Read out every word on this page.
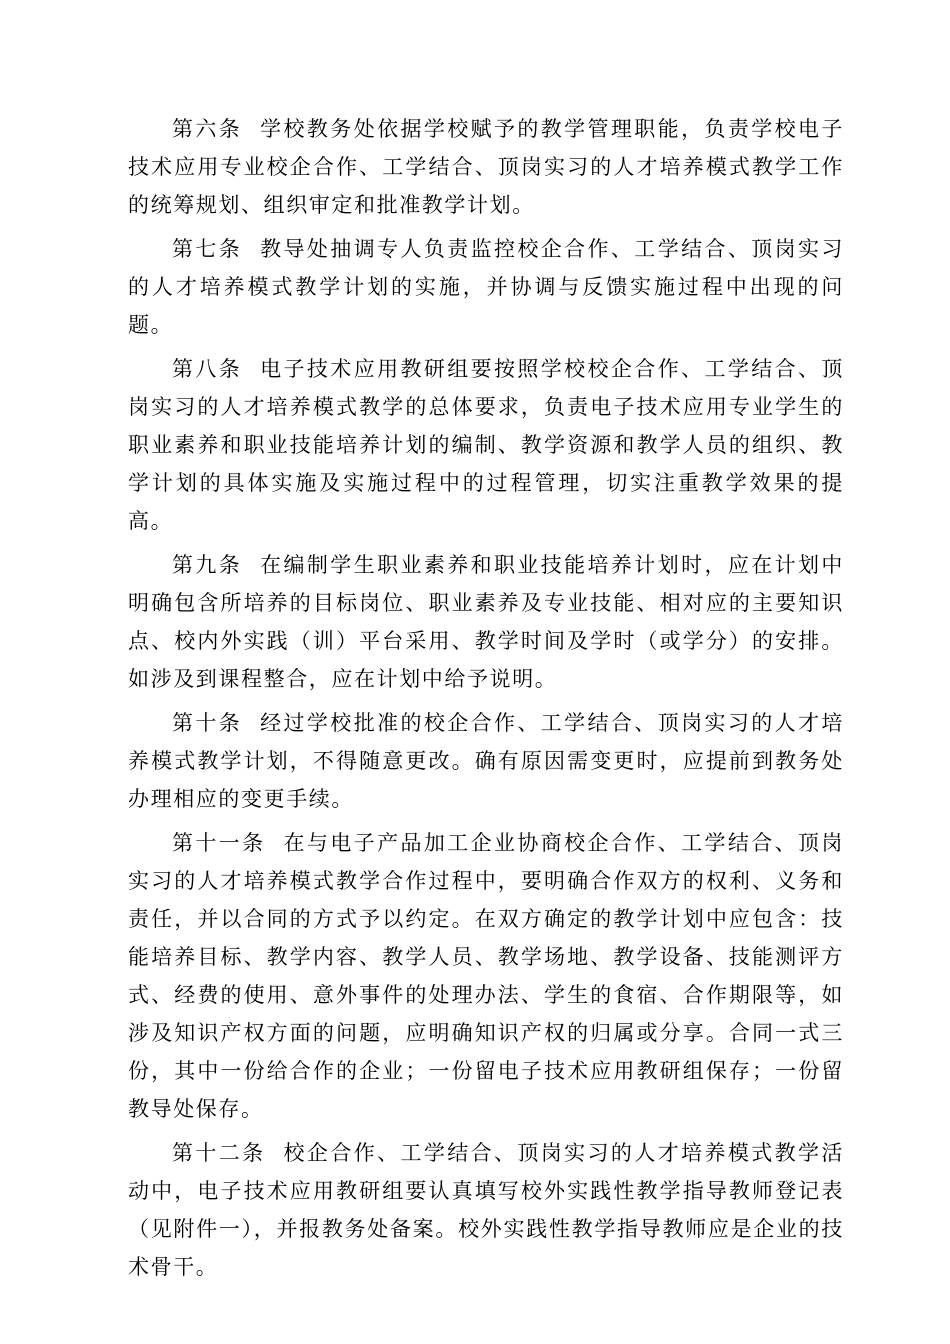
第六条 学校教务处依据学校赋予的教学管理职能，负责学校电子技术应用专业校企合作、工学结合、顶岗实习的人才培养模式教学工作的统筹规划、组织审定和批准教学计划。

第七条 教导处抽调专人负责监控校企合作、工学结合、顶岗实习的人才培养模式教学计划的实施，并协调与反馈实施过程中出现的问题。

第八条 电子技术应用教研组要按照学校校企合作、工学结合、顶岗实习的人才培养模式教学的总体要求，负责电子技术应用专业学生的职业素养和职业技能培养计划的编制、教学资源和教学人员的组织、教学计划的具体实施及实施过程中的过程管理，切实注重教学效果的提高。

第九条 在编制学生职业素养和职业技能培养计划时，应在计划中明确包含所培养的目标岗位、职业素养及专业技能、相对应的主要知识点、校内外实践（训）平台采用、教学时间及学时（或学分）的安排。如涉及到课程整合，应在计划中给予说明。

第十条 经过学校批准的校企合作、工学结合、顶岗实习的人才培养模式教学计划，不得随意更改。确有原因需变更时，应提前到教务处办理相应的变更手续。

第十一条 在与电子产品加工企业协商校企合作、工学结合、顶岗实习的人才培养模式教学合作过程中，要明确合作双方的权利、义务和责任，并以合同的方式予以约定。在双方确定的教学计划中应包含：技能培养目标、教学内容、教学人员、教学场地、教学设备、技能测评方式、经费的使用、意外事件的处理办法、学生的食宿、合作期限等，如涉及知识产权方面的问题，应明确知识产权的归属或分享。合同一式三份，其中一份给合作的企业；一份留电子技术应用教研组保存；一份留教导处保存。

第十二条 校企合作、工学结合、顶岗实习的人才培养模式教学活动中，电子技术应用教研组要认真填写校外实践性教学指导教师登记表（见附件一），并报教务处备案。校外实践性教学指导教师应是企业的技术骨干。
